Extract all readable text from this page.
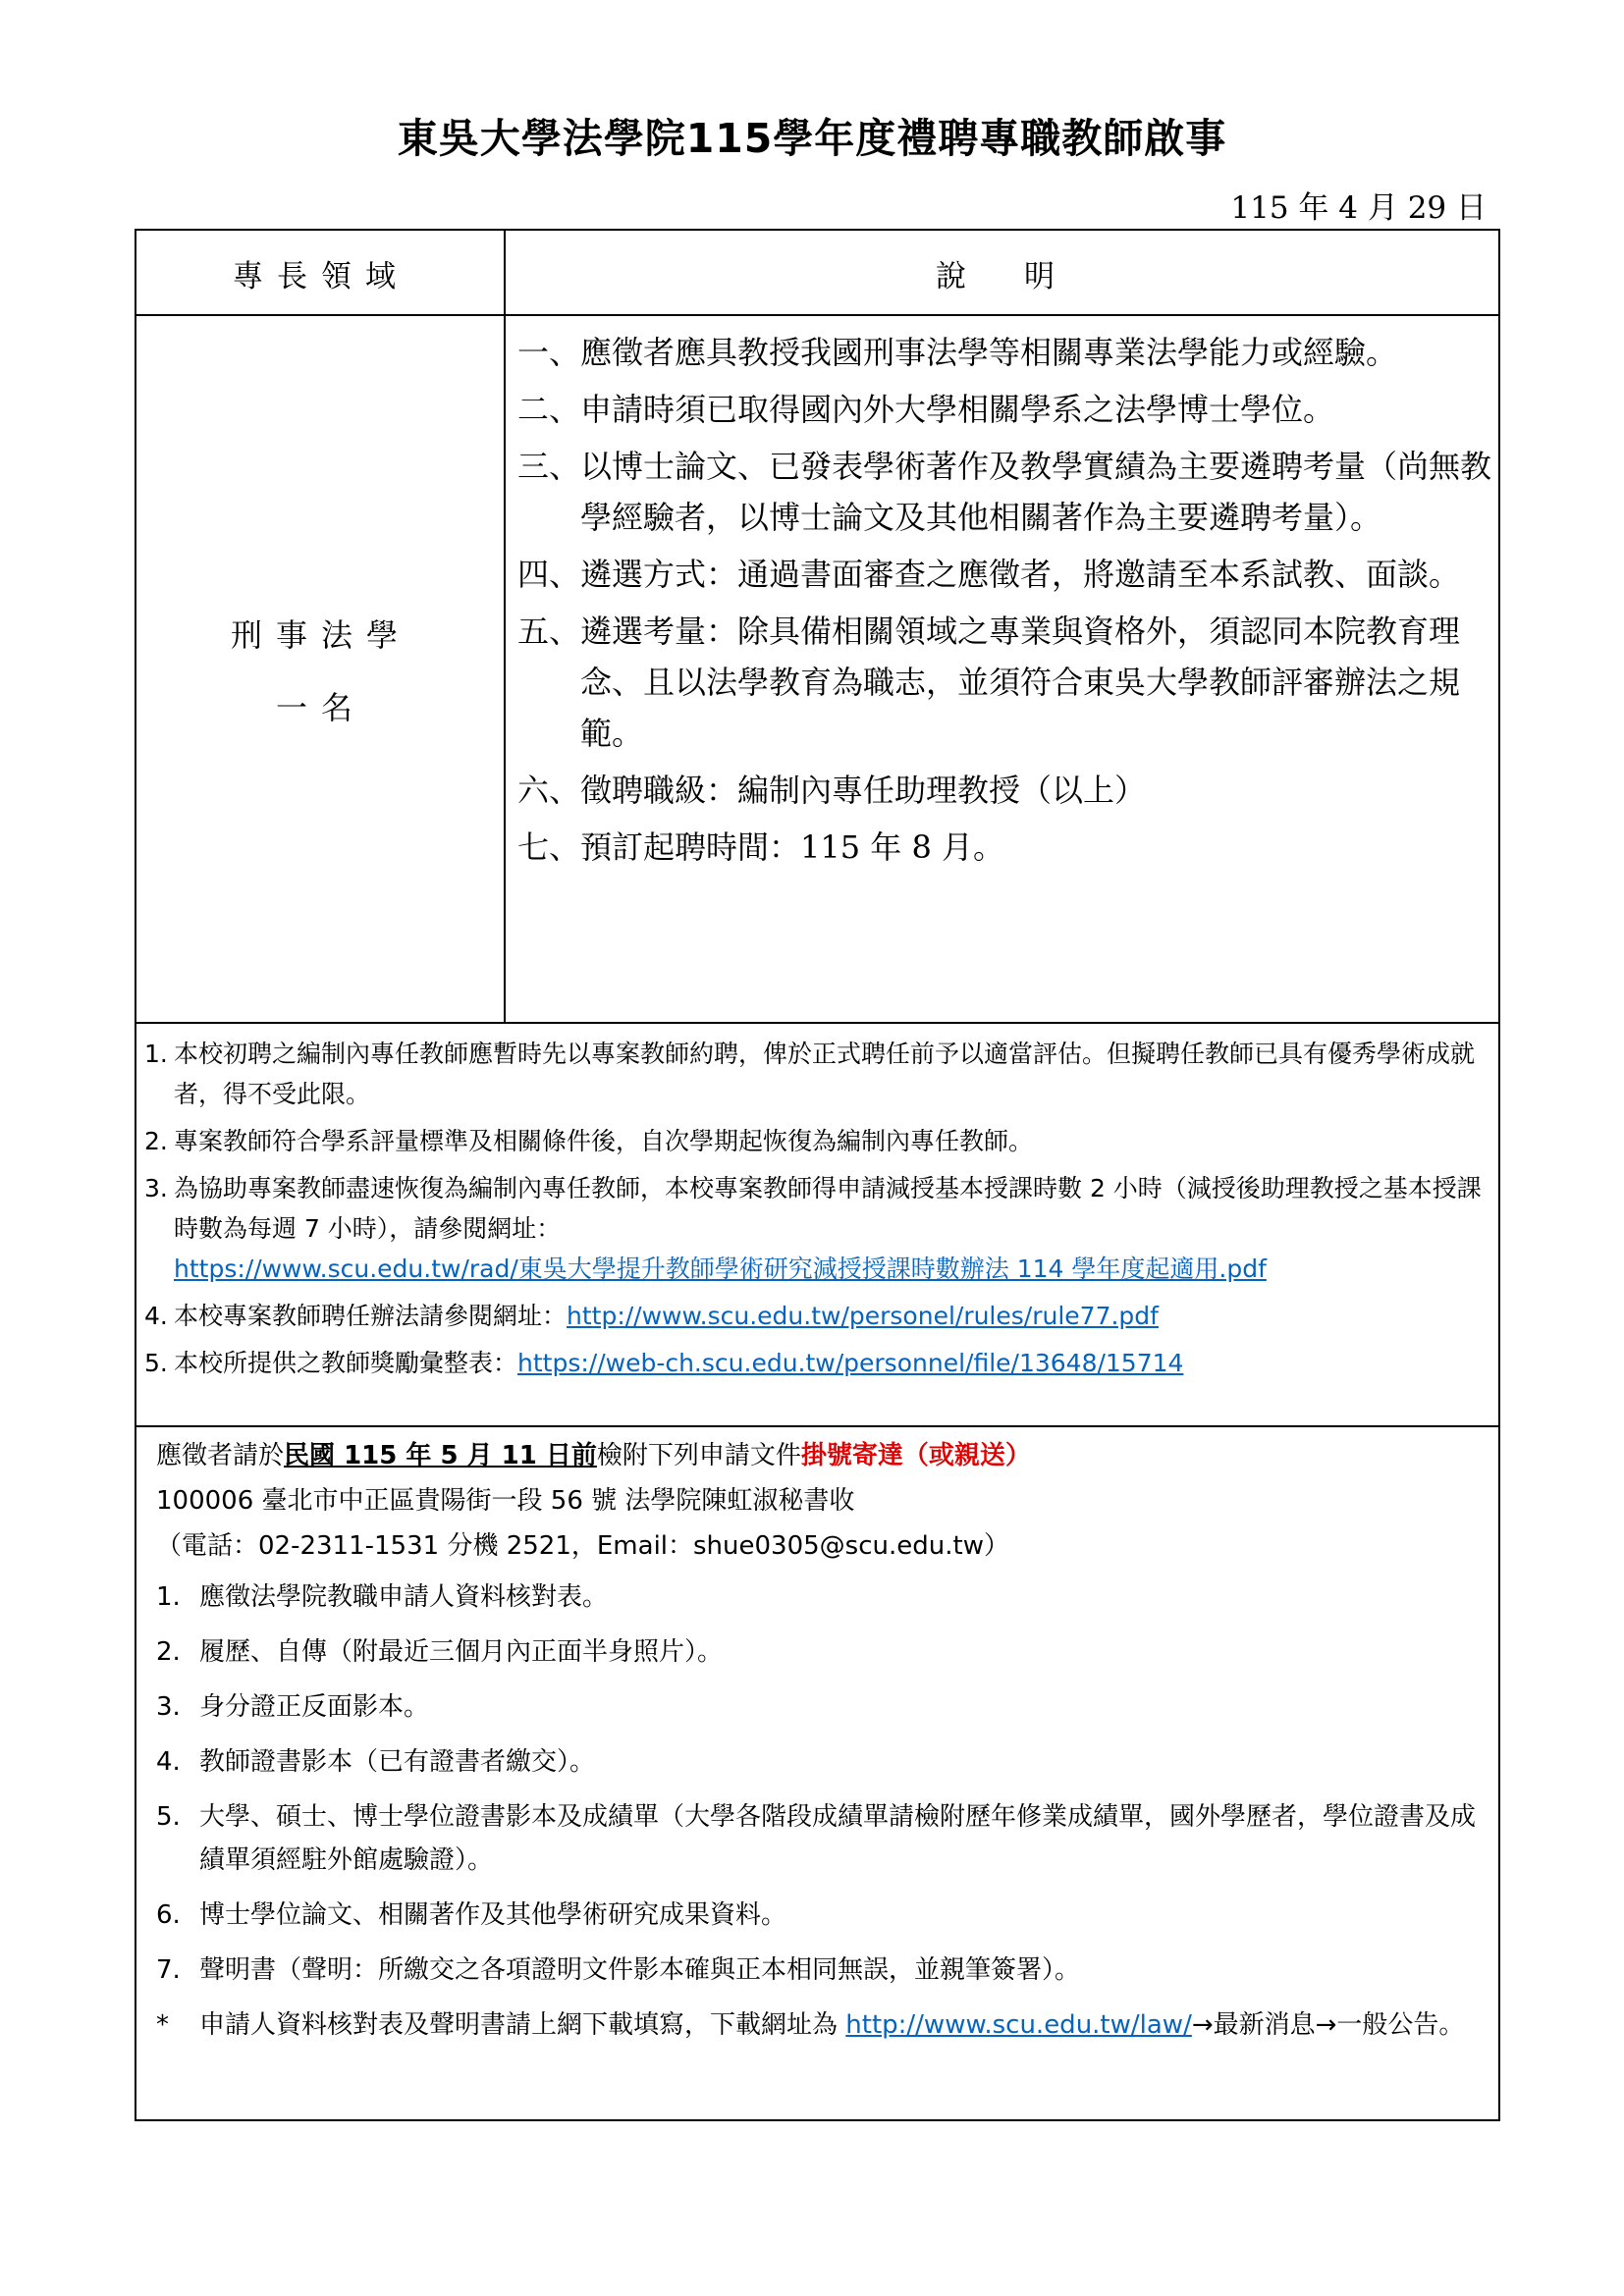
東吳大學法學院115學年度禮聘專職教師啟事
115 年 4 月 29 日
專長領域	說　明
刑事法學
一名
一、 應徵者應具教授我國刑事法學等相關專業法學能力或經驗。
二、 申請時須已取得國內外大學相關學系之法學博士學位。
三、 以博士論文、已發表學術著作及教學實績為主要遴聘考量（尚無教學經驗者，以博士論文及其他相關著作為主要遴聘考量）。
四、 遴選方式：通過書面審查之應徵者，將邀請至本系試教、面談。
五、 遴選考量：除具備相關領域之專業與資格外，須認同本院教育理念、且以法學教育為職志，並須符合東吳大學教師評審辦法之規範。
六、 徵聘職級：編制內專任助理教授（以上）
七、 預訂起聘時間：115 年 8 月。
1. 本校初聘之編制內專任教師應暫時先以專案教師約聘，俾於正式聘任前予以適當評估。但擬聘任教師已具有優秀學術成就者，得不受此限。
2. 專案教師符合學系評量標準及相關條件後，自次學期起恢復為編制內專任教師。
3. 為協助專案教師盡速恢復為編制內專任教師，本校專案教師得申請減授基本授課時數 2 小時（減授後助理教授之基本授課時數為每週 7 小時），請參閱網址：
https://www.scu.edu.tw/rad/東吳大學提升教師學術研究減授授課時數辦法 114 學年度起適用.pdf
4. 本校專案教師聘任辦法請參閱網址：http://www.scu.edu.tw/personel/rules/rule77.pdf
5. 本校所提供之教師獎勵彙整表：https://web-ch.scu.edu.tw/personnel/file/13648/15714
應徵者請於民國 115 年 5 月 11 日前檢附下列申請文件掛號寄達（或親送）
100006 臺北市中正區貴陽街一段 56 號 法學院陳虹淑秘書收
（電話：02-2311-1531 分機 2521，Email：shue0305@scu.edu.tw）
1. 應徵法學院教職申請人資料核對表。
2. 履歷、自傳（附最近三個月內正面半身照片）。
3. 身分證正反面影本。
4. 教師證書影本（已有證書者繳交）。
5. 大學、碩士、博士學位證書影本及成績單（大學各階段成績單請檢附歷年修業成績單，國外學歷者，學位證書及成績單須經駐外館處驗證）。
6. 博士學位論文、相關著作及其他學術研究成果資料。
7. 聲明書（聲明：所繳交之各項證明文件影本確與正本相同無誤，並親筆簽署）。
*	申請人資料核對表及聲明書請上網下載填寫，下載網址為 http://www.scu.edu.tw/law/→最新消息→一般公告。
